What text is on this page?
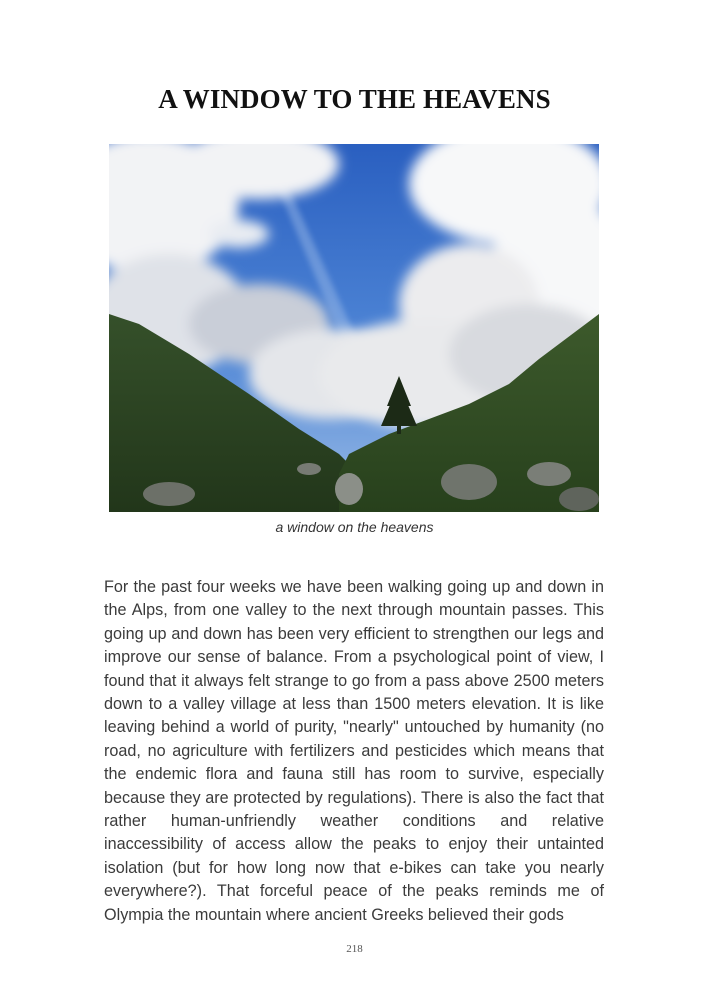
A WINDOW TO THE HEAVENS

a window on the heavens

For the past four weeks we have been walking going up and down in the Alps, from one valley to the next through mountain passes. This going up and down has been very efficient to strengthen our legs and improve our sense of balance. From a psychological point of view, I found that it always felt strange to go from a pass above 2500 meters down to a valley village at less than 1500 meters elevation. It is like leaving behind a world of purity, "nearly" untouched by humanity (no road, no agriculture with fertilizers and pesticides which means that the endemic flora and fauna still has room to survive, especially because they are protected by regulations). There is also the fact that rather human-unfriendly weather conditions and relative inaccessibility of access allow the peaks to enjoy their untainted isolation (but for how long now that e-bikes can take you nearly everywhere?). That forceful peace of the peaks reminds me of Olympia the mountain where ancient Greeks believed their gods

218
